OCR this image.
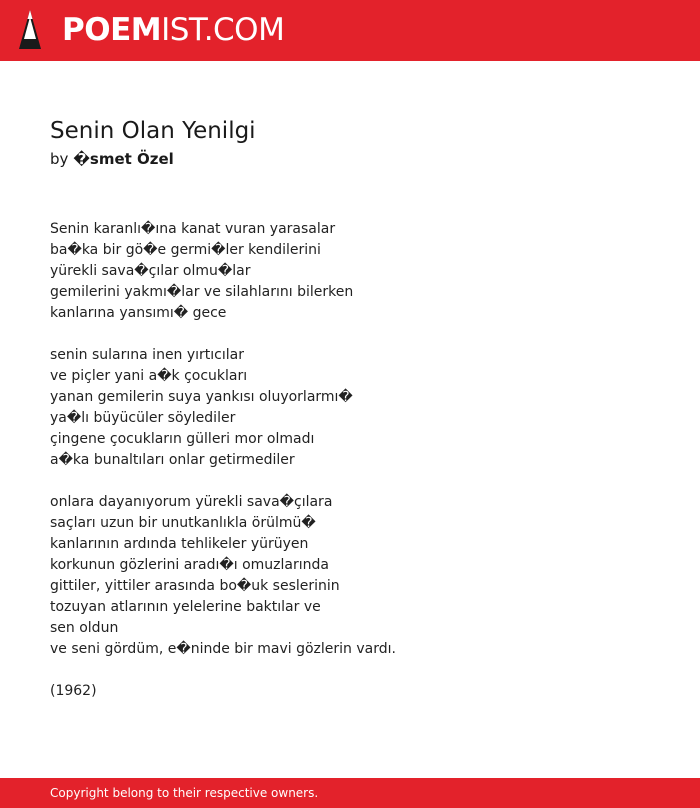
POEMIST.COM
Senin Olan Yenilgi
by �smet Özel
Senin karanlı�ına kanat vuran yarasalar
ba�ka bir gö�e germi�ler kendilerini
yürekli sava�çılar olmu�lar
gemilerini yakmı�lar ve silahlarını bilerken
kanlarına yansımı� gece
senin sularına inen yırtıcılar
ve piçler yani a�k çocukları
yanan gemilerin suya yankısı oluyorlarmı�
ya�lı büyücüler söylediler
çingene çocukların gülleri mor olmadı
a�ka bunaltıları onlar getirmediler
onlara dayanıyorum yürekli sava�çılara
saçları uzun bir unutkanlıkla örülmü�
kanlarının ardında tehlikeler yürüyen
korkunun gözlerini aradı�ı omuzlarında
gittiler, yittiler arasında bo�uk seslerinin
tozuyan atlarının yelelerine baktılar ve
sen oldun
ve seni gördüm, e�ninde bir mavi gözlerin vardı.
(1962)
Copyright belong to their respective owners.
